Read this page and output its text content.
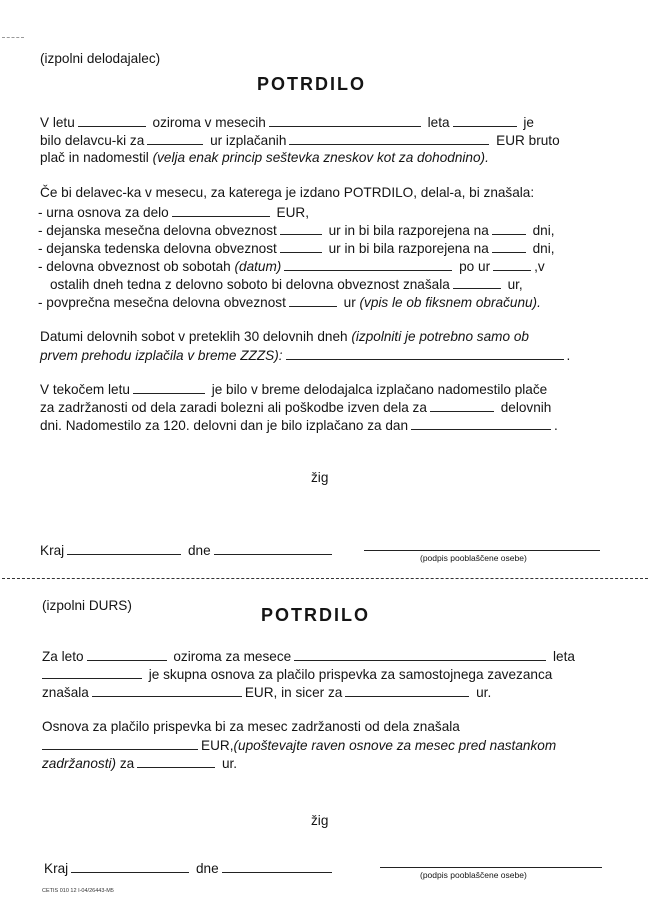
(izpolni delodajalec)
POTRDILO
V letu	oziroma v mesecih	leta	je
bilo delavcu-ki za	ur izplačanih	EUR bruto
plač in nadomestil (velja enak princip seštevka zneskov kot za dohodnino).
Če bi delavec-ka v mesecu, za katerega je izdano POTRDILO, delal-a, bi znašala:
- urna osnova za delo	EUR,
- dejanska mesečna delovna obveznost	ur in bi bila razporejena na	dni,
- dejanska tedenska delovna obveznost	ur in bi bila razporejena na	dni,
- delovna obveznost ob sobotah (datum)	po ur	,v
ostalih dneh tedna z delovno soboto bi delovna obveznost znašala	ur,
- povprečna mesečna delovna obveznost	ur (vpis le ob fiksnem obračunu).
Datumi delovnih sobot v preteklih 30 delovnih dneh (izpolniti je potrebno samo ob
prvem prehodu izplačila v breme ZZZS):	.
V tekočem letu	je bilo v breme delodajalca izplačano nadomestilo plače
za zadržanosti od dela zaradi bolezni ali poškodbe izven dela za	delovnih
dni. Nadomestilo za 120. delovni dan je bilo izplačano za dan	.
žig
Kraj	dne	(podpis pooblaščene osebe)
(izpolni DURS)	POTRDILO
Za leto	oziroma za mesece	leta
je skupna osnova za plačilo prispevka za samostojnega zavezanca
znašala	EUR, in sicer za	ur.
Osnova za plačilo prispevka bi za mesec zadržanosti od dela znašala
EUR,(upoštevajte raven osnove za mesec pred nastankom
zadržanosti) za	ur.
žig
Kraj	dne	(podpis pooblaščene osebe)
CETIS 010 12 I-04/26443-M5
